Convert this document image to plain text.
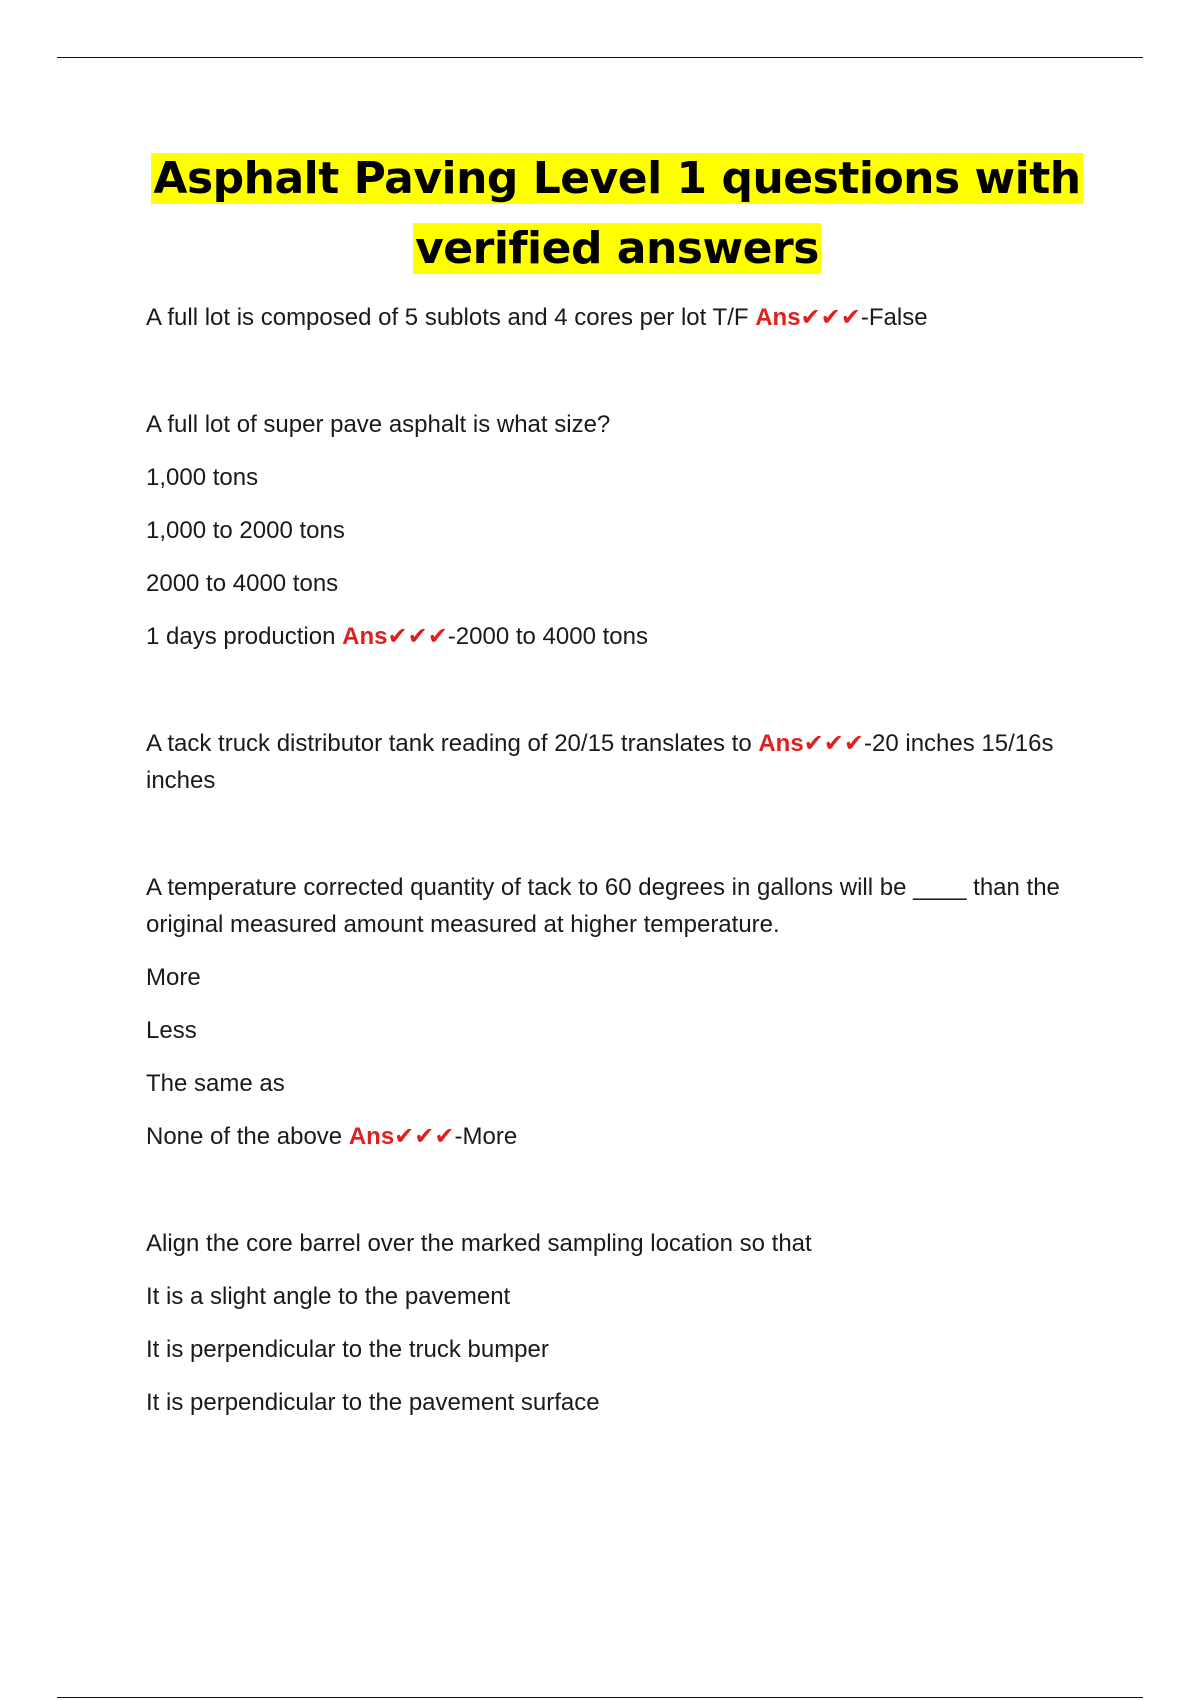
Asphalt Paving Level 1 questions with
verified answers

A full lot is composed of 5 sublots and 4 cores per lot T/F Ans✔✔✔-False

A full lot of super pave asphalt is what size?

1,000 tons

1,000 to 2000 tons

2000 to 4000 tons

1 days production Ans✔✔✔-2000 to 4000 tons

A tack truck distributor tank reading of 20/15 translates to Ans✔✔✔-20 inches 15/16s inches

A temperature corrected quantity of tack to 60 degrees in gallons will be ____ than the original measured amount measured at higher temperature.

More

Less

The same as

None of the above Ans✔✔✔-More

Align the core barrel over the marked sampling location so that

It is a slight angle to the pavement

It is perpendicular to the truck bumper

It is perpendicular to the pavement surface
